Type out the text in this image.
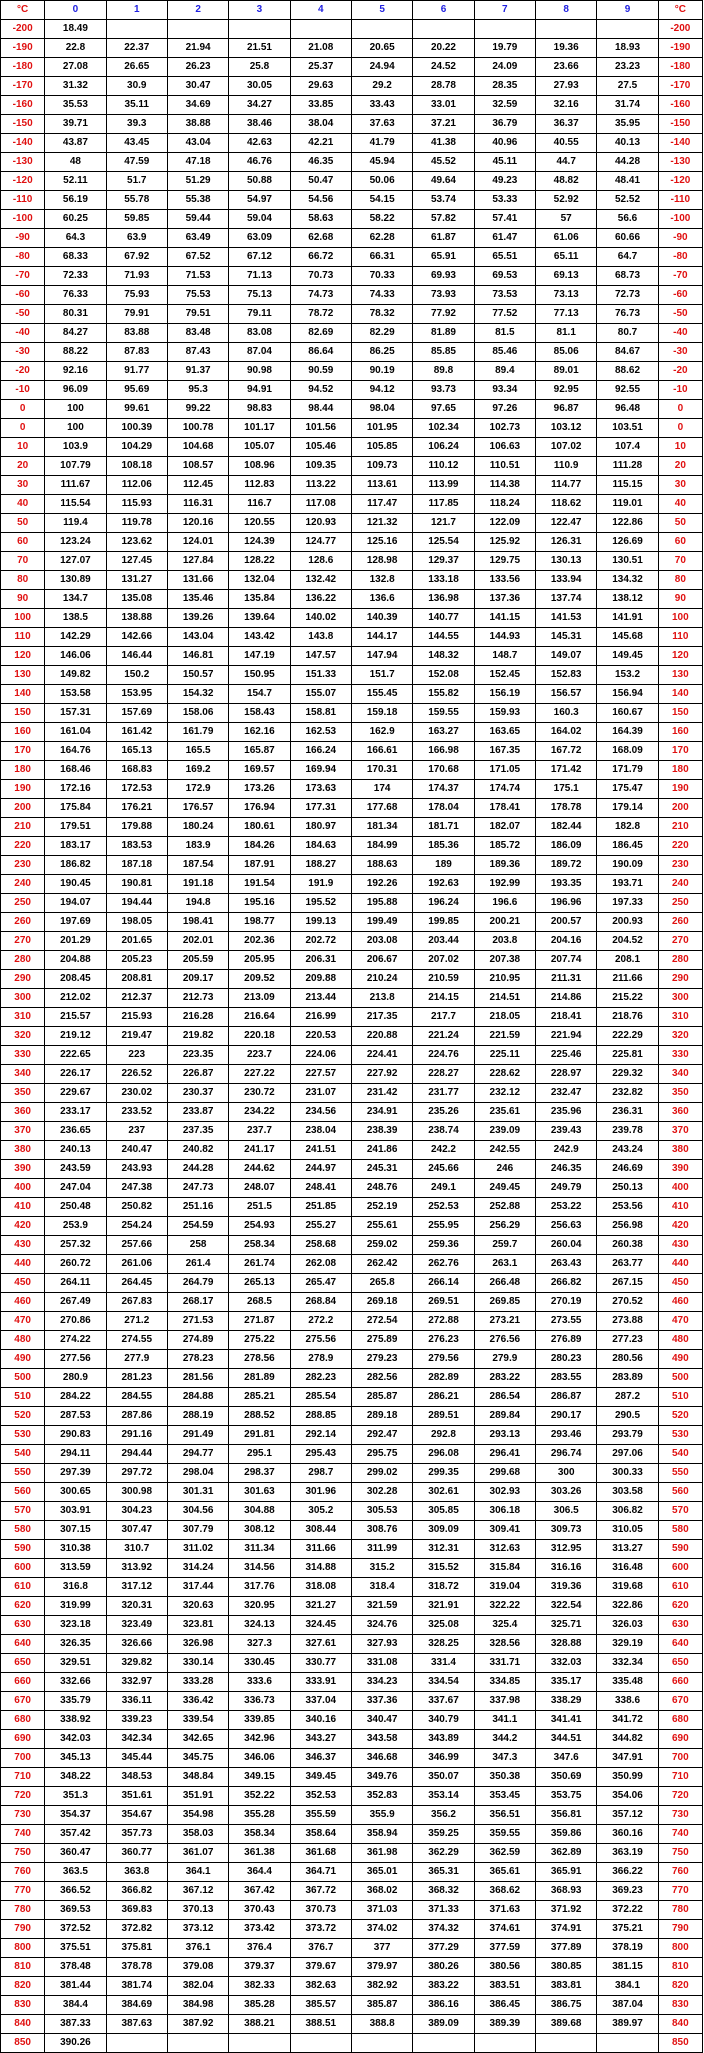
°C	0	1	2	3	4	5	6	7	8	9	°C
-200	18.49										-200
-190	22.8	22.37	21.94	21.51	21.08	20.65	20.22	19.79	19.36	18.93	-190
-180	27.08	26.65	26.23	25.8	25.37	24.94	24.52	24.09	23.66	23.23	-180
-170	31.32	30.9	30.47	30.05	29.63	29.2	28.78	28.35	27.93	27.5	-170
-160	35.53	35.11	34.69	34.27	33.85	33.43	33.01	32.59	32.16	31.74	-160
-150	39.71	39.3	38.88	38.46	38.04	37.63	37.21	36.79	36.37	35.95	-150
-140	43.87	43.45	43.04	42.63	42.21	41.79	41.38	40.96	40.55	40.13	-140
-130	48	47.59	47.18	46.76	46.35	45.94	45.52	45.11	44.7	44.28	-130
-120	52.11	51.7	51.29	50.88	50.47	50.06	49.64	49.23	48.82	48.41	-120
-110	56.19	55.78	55.38	54.97	54.56	54.15	53.74	53.33	52.92	52.52	-110
-100	60.25	59.85	59.44	59.04	58.63	58.22	57.82	57.41	57	56.6	-100
-90	64.3	63.9	63.49	63.09	62.68	62.28	61.87	61.47	61.06	60.66	-90
-80	68.33	67.92	67.52	67.12	66.72	66.31	65.91	65.51	65.11	64.7	-80
-70	72.33	71.93	71.53	71.13	70.73	70.33	69.93	69.53	69.13	68.73	-70
-60	76.33	75.93	75.53	75.13	74.73	74.33	73.93	73.53	73.13	72.73	-60
-50	80.31	79.91	79.51	79.11	78.72	78.32	77.92	77.52	77.13	76.73	-50
-40	84.27	83.88	83.48	83.08	82.69	82.29	81.89	81.5	81.1	80.7	-40
-30	88.22	87.83	87.43	87.04	86.64	86.25	85.85	85.46	85.06	84.67	-30
-20	92.16	91.77	91.37	90.98	90.59	90.19	89.8	89.4	89.01	88.62	-20
-10	96.09	95.69	95.3	94.91	94.52	94.12	93.73	93.34	92.95	92.55	-10
0	100	99.61	99.22	98.83	98.44	98.04	97.65	97.26	96.87	96.48	0
0	100	100.39	100.78	101.17	101.56	101.95	102.34	102.73	103.12	103.51	0
10	103.9	104.29	104.68	105.07	105.46	105.85	106.24	106.63	107.02	107.4	10
20	107.79	108.18	108.57	108.96	109.35	109.73	110.12	110.51	110.9	111.28	20
30	111.67	112.06	112.45	112.83	113.22	113.61	113.99	114.38	114.77	115.15	30
40	115.54	115.93	116.31	116.7	117.08	117.47	117.85	118.24	118.62	119.01	40
50	119.4	119.78	120.16	120.55	120.93	121.32	121.7	122.09	122.47	122.86	50
60	123.24	123.62	124.01	124.39	124.77	125.16	125.54	125.92	126.31	126.69	60
70	127.07	127.45	127.84	128.22	128.6	128.98	129.37	129.75	130.13	130.51	70
80	130.89	131.27	131.66	132.04	132.42	132.8	133.18	133.56	133.94	134.32	80
90	134.7	135.08	135.46	135.84	136.22	136.6	136.98	137.36	137.74	138.12	90
100	138.5	138.88	139.26	139.64	140.02	140.39	140.77	141.15	141.53	141.91	100
110	142.29	142.66	143.04	143.42	143.8	144.17	144.55	144.93	145.31	145.68	110
120	146.06	146.44	146.81	147.19	147.57	147.94	148.32	148.7	149.07	149.45	120
130	149.82	150.2	150.57	150.95	151.33	151.7	152.08	152.45	152.83	153.2	130
140	153.58	153.95	154.32	154.7	155.07	155.45	155.82	156.19	156.57	156.94	140
150	157.31	157.69	158.06	158.43	158.81	159.18	159.55	159.93	160.3	160.67	150
160	161.04	161.42	161.79	162.16	162.53	162.9	163.27	163.65	164.02	164.39	160
170	164.76	165.13	165.5	165.87	166.24	166.61	166.98	167.35	167.72	168.09	170
180	168.46	168.83	169.2	169.57	169.94	170.31	170.68	171.05	171.42	171.79	180
190	172.16	172.53	172.9	173.26	173.63	174	174.37	174.74	175.1	175.47	190
200	175.84	176.21	176.57	176.94	177.31	177.68	178.04	178.41	178.78	179.14	200
210	179.51	179.88	180.24	180.61	180.97	181.34	181.71	182.07	182.44	182.8	210
220	183.17	183.53	183.9	184.26	184.63	184.99	185.36	185.72	186.09	186.45	220
230	186.82	187.18	187.54	187.91	188.27	188.63	189	189.36	189.72	190.09	230
240	190.45	190.81	191.18	191.54	191.9	192.26	192.63	192.99	193.35	193.71	240
250	194.07	194.44	194.8	195.16	195.52	195.88	196.24	196.6	196.96	197.33	250
260	197.69	198.05	198.41	198.77	199.13	199.49	199.85	200.21	200.57	200.93	260
270	201.29	201.65	202.01	202.36	202.72	203.08	203.44	203.8	204.16	204.52	270
280	204.88	205.23	205.59	205.95	206.31	206.67	207.02	207.38	207.74	208.1	280
290	208.45	208.81	209.17	209.52	209.88	210.24	210.59	210.95	211.31	211.66	290
300	212.02	212.37	212.73	213.09	213.44	213.8	214.15	214.51	214.86	215.22	300
310	215.57	215.93	216.28	216.64	216.99	217.35	217.7	218.05	218.41	218.76	310
320	219.12	219.47	219.82	220.18	220.53	220.88	221.24	221.59	221.94	222.29	320
330	222.65	223	223.35	223.7	224.06	224.41	224.76	225.11	225.46	225.81	330
340	226.17	226.52	226.87	227.22	227.57	227.92	228.27	228.62	228.97	229.32	340
350	229.67	230.02	230.37	230.72	231.07	231.42	231.77	232.12	232.47	232.82	350
360	233.17	233.52	233.87	234.22	234.56	234.91	235.26	235.61	235.96	236.31	360
370	236.65	237	237.35	237.7	238.04	238.39	238.74	239.09	239.43	239.78	370
380	240.13	240.47	240.82	241.17	241.51	241.86	242.2	242.55	242.9	243.24	380
390	243.59	243.93	244.28	244.62	244.97	245.31	245.66	246	246.35	246.69	390
400	247.04	247.38	247.73	248.07	248.41	248.76	249.1	249.45	249.79	250.13	400
410	250.48	250.82	251.16	251.5	251.85	252.19	252.53	252.88	253.22	253.56	410
420	253.9	254.24	254.59	254.93	255.27	255.61	255.95	256.29	256.63	256.98	420
430	257.32	257.66	258	258.34	258.68	259.02	259.36	259.7	260.04	260.38	430
440	260.72	261.06	261.4	261.74	262.08	262.42	262.76	263.1	263.43	263.77	440
450	264.11	264.45	264.79	265.13	265.47	265.8	266.14	266.48	266.82	267.15	450
460	267.49	267.83	268.17	268.5	268.84	269.18	269.51	269.85	270.19	270.52	460
470	270.86	271.2	271.53	271.87	272.2	272.54	272.88	273.21	273.55	273.88	470
480	274.22	274.55	274.89	275.22	275.56	275.89	276.23	276.56	276.89	277.23	480
490	277.56	277.9	278.23	278.56	278.9	279.23	279.56	279.9	280.23	280.56	490
500	280.9	281.23	281.56	281.89	282.23	282.56	282.89	283.22	283.55	283.89	500
510	284.22	284.55	284.88	285.21	285.54	285.87	286.21	286.54	286.87	287.2	510
520	287.53	287.86	288.19	288.52	288.85	289.18	289.51	289.84	290.17	290.5	520
530	290.83	291.16	291.49	291.81	292.14	292.47	292.8	293.13	293.46	293.79	530
540	294.11	294.44	294.77	295.1	295.43	295.75	296.08	296.41	296.74	297.06	540
550	297.39	297.72	298.04	298.37	298.7	299.02	299.35	299.68	300	300.33	550
560	300.65	300.98	301.31	301.63	301.96	302.28	302.61	302.93	303.26	303.58	560
570	303.91	304.23	304.56	304.88	305.2	305.53	305.85	306.18	306.5	306.82	570
580	307.15	307.47	307.79	308.12	308.44	308.76	309.09	309.41	309.73	310.05	580
590	310.38	310.7	311.02	311.34	311.66	311.99	312.31	312.63	312.95	313.27	590
600	313.59	313.92	314.24	314.56	314.88	315.2	315.52	315.84	316.16	316.48	600
610	316.8	317.12	317.44	317.76	318.08	318.4	318.72	319.04	319.36	319.68	610
620	319.99	320.31	320.63	320.95	321.27	321.59	321.91	322.22	322.54	322.86	620
630	323.18	323.49	323.81	324.13	324.45	324.76	325.08	325.4	325.71	326.03	630
640	326.35	326.66	326.98	327.3	327.61	327.93	328.25	328.56	328.88	329.19	640
650	329.51	329.82	330.14	330.45	330.77	331.08	331.4	331.71	332.03	332.34	650
660	332.66	332.97	333.28	333.6	333.91	334.23	334.54	334.85	335.17	335.48	660
670	335.79	336.11	336.42	336.73	337.04	337.36	337.67	337.98	338.29	338.6	670
680	338.92	339.23	339.54	339.85	340.16	340.47	340.79	341.1	341.41	341.72	680
690	342.03	342.34	342.65	342.96	343.27	343.58	343.89	344.2	344.51	344.82	690
700	345.13	345.44	345.75	346.06	346.37	346.68	346.99	347.3	347.6	347.91	700
710	348.22	348.53	348.84	349.15	349.45	349.76	350.07	350.38	350.69	350.99	710
720	351.3	351.61	351.91	352.22	352.53	352.83	353.14	353.45	353.75	354.06	720
730	354.37	354.67	354.98	355.28	355.59	355.9	356.2	356.51	356.81	357.12	730
740	357.42	357.73	358.03	358.34	358.64	358.94	359.25	359.55	359.86	360.16	740
750	360.47	360.77	361.07	361.38	361.68	361.98	362.29	362.59	362.89	363.19	750
760	363.5	363.8	364.1	364.4	364.71	365.01	365.31	365.61	365.91	366.22	760
770	366.52	366.82	367.12	367.42	367.72	368.02	368.32	368.62	368.93	369.23	770
780	369.53	369.83	370.13	370.43	370.73	371.03	371.33	371.63	371.92	372.22	780
790	372.52	372.82	373.12	373.42	373.72	374.02	374.32	374.61	374.91	375.21	790
800	375.51	375.81	376.1	376.4	376.7	377	377.29	377.59	377.89	378.19	800
810	378.48	378.78	379.08	379.37	379.67	379.97	380.26	380.56	380.85	381.15	810
820	381.44	381.74	382.04	382.33	382.63	382.92	383.22	383.51	383.81	384.1	820
830	384.4	384.69	384.98	385.28	385.57	385.87	386.16	386.45	386.75	387.04	830
840	387.33	387.63	387.92	388.21	388.51	388.8	389.09	389.39	389.68	389.97	840
850	390.26										850
